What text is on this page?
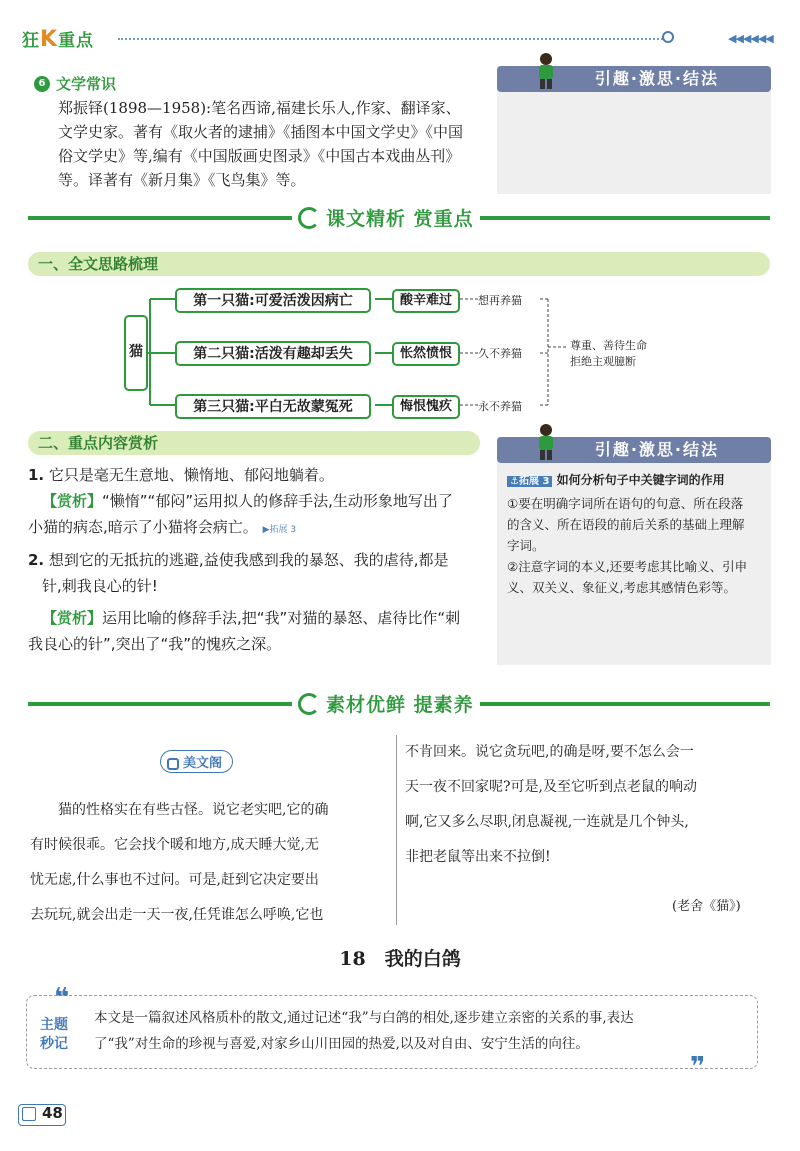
狂K重点	◀◀◀◀◀◀
6 文学常识
郑振铎(1898—1958):笔名西谛,福建长乐人,作家、翻译家、
文学史家。著有《取火者的逮捕》《插图本中国文学史》《中国
俗文学史》等,编有《中国版画史图录》《中国古本戏曲丛刊》
等。译著有《新月集》《飞鸟集》等。
引趣·激思·结法
课文精析 赏重点
一、全文思路梳理
猫
第一只猫:可爱活泼因病亡
第二只猫:活泼有趣却丢失
第三只猫:平白无故蒙冤死
酸辛难过
怅然愤恨
悔恨愧疚
想再养猫
久不养猫
永不养猫
尊重、善待生命
拒绝主观臆断
二、重点内容赏析
1. 它只是毫无生意地、懒惰地、郁闷地躺着。
【赏析】“懒惰”“郁闷”运用拟人的修辞手法,生动形象地写出了
小猫的病态,暗示了小猫将会病亡。 ▶拓展 3
2. 想到它的无抵抗的逃避,益使我感到我的暴怒、我的虐待,都是
针,刺我良心的针!
【赏析】运用比喻的修辞手法,把“我”对猫的暴怒、虐待比作“刺
我良心的针”,突出了“我”的愧疚之深。
引趣·激思·结法
⚓拓展 3 如何分析句子中关键字词的作用
①要在明确字词所在语句的句意、所在段落
的含义、所在语段的前后关系的基础上理解
字词。
②注意字词的本义,还要考虑其比喻义、引申
义、双关义、象征义,考虑其感情色彩等。
素材优鲜 提素养
美文阁
猫的性格实在有些古怪。说它老实吧,它的确
有时候很乖。它会找个暖和地方,成天睡大觉,无
忧无虑,什么事也不过问。可是,赶到它决定要出
去玩玩,就会出走一天一夜,任凭谁怎么呼唤,它也
不肯回来。说它贪玩吧,的确是呀,要不怎么会一
天一夜不回家呢?可是,及至它听到点老鼠的响动
啊,它又多么尽职,闭息凝视,一连就是几个钟头,
非把老鼠等出来不拉倒!
(老舍《猫》)
18　我的白鸽
❝
❞
主题
秒记
本文是一篇叙述风格质朴的散文,通过记述“我”与白鸽的相处,逐步建立亲密的关系的事,表达
了“我”对生命的珍视与喜爱,对家乡山川田园的热爱,以及对自由、安宁生活的向往。
48
